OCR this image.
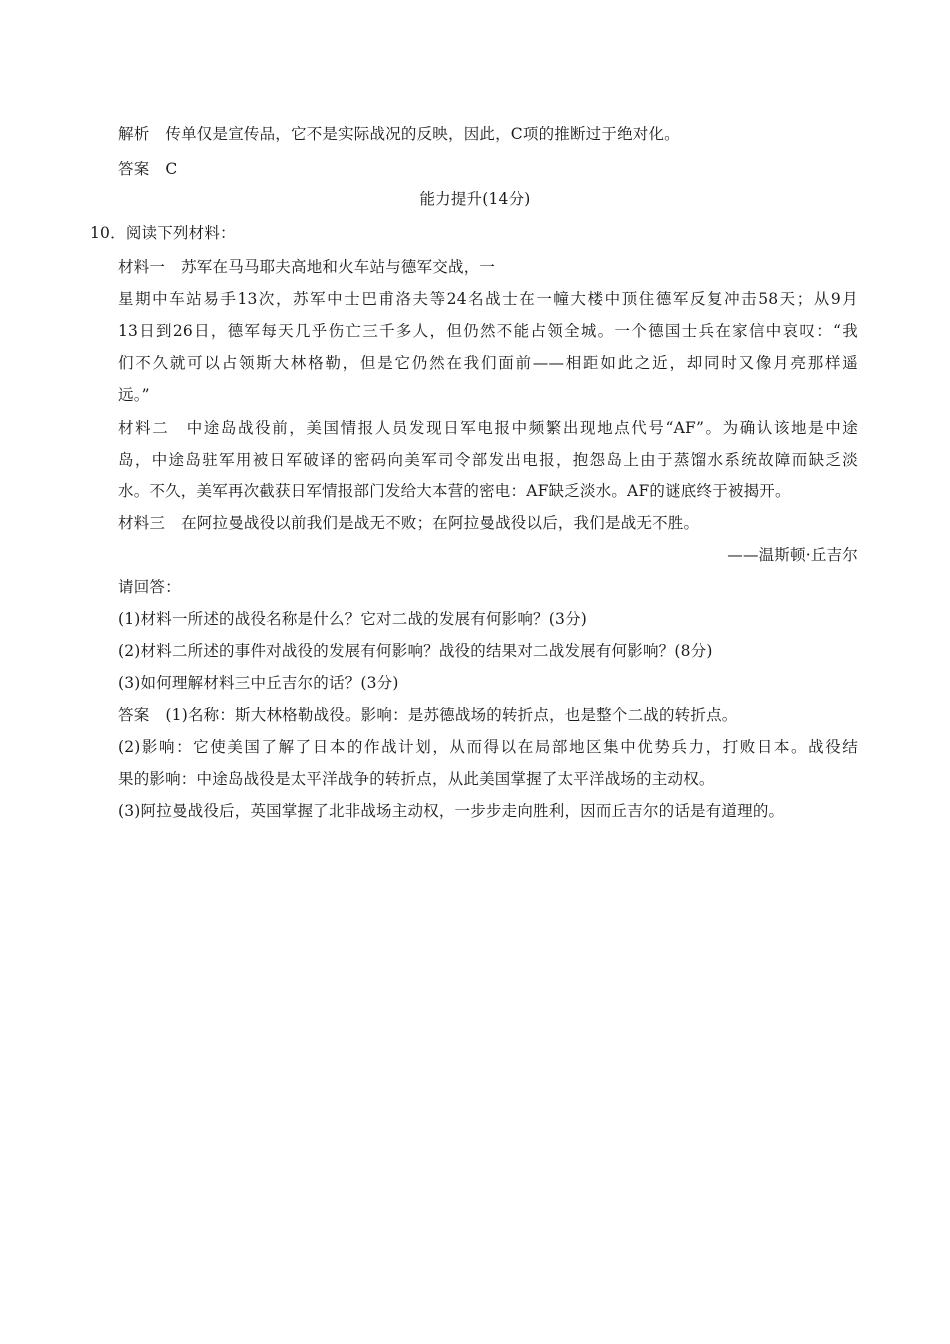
解析 传单仅是宣传品，它不是实际战况的反映，因此，C项的推断过于绝对化。
答案 C
能力提升(14分)
10．阅读下列材料：
材料一 苏军在马马耶夫高地和火车站与德军交战，一
星期中车站易手13次，苏军中士巴甫洛夫等24名战士在一幢大楼中顶住德军反复冲击58天；从9月
13日到26日，德军每天几乎伤亡三千多人，但仍然不能占领全城。一个德国士兵在家信中哀叹：“我
们不久就可以占领斯大林格勒，但是它仍然在我们面前——相距如此之近，却同时又像月亮那样遥
远。”
材料二 中途岛战役前，美国情报人员发现日军电报中频繁出现地点代号“AF”。为确认该地是中途
岛，中途岛驻军用被日军破译的密码向美军司令部发出电报，抱怨岛上由于蒸馏水系统故障而缺乏淡
水。不久，美军再次截获日军情报部门发给大本营的密电：AF缺乏淡水。AF的谜底终于被揭开。
材料三 在阿拉曼战役以前我们是战无不败；在阿拉曼战役以后，我们是战无不胜。
——温斯顿·丘吉尔
请回答：
(1)材料一所述的战役名称是什么？它对二战的发展有何影响？(3分)
(2)材料二所述的事件对战役的发展有何影响？战役的结果对二战发展有何影响？(8分)
(3)如何理解材料三中丘吉尔的话？(3分)
答案 (1)名称：斯大林格勒战役。影响：是苏德战场的转折点，也是整个二战的转折点。
(2)影响：它使美国了解了日本的作战计划，从而得以在局部地区集中优势兵力，打败日本。战役结
果的影响：中途岛战役是太平洋战争的转折点，从此美国掌握了太平洋战场的主动权。
(3)阿拉曼战役后，英国掌握了北非战场主动权，一步步走向胜利，因而丘吉尔的话是有道理的。
